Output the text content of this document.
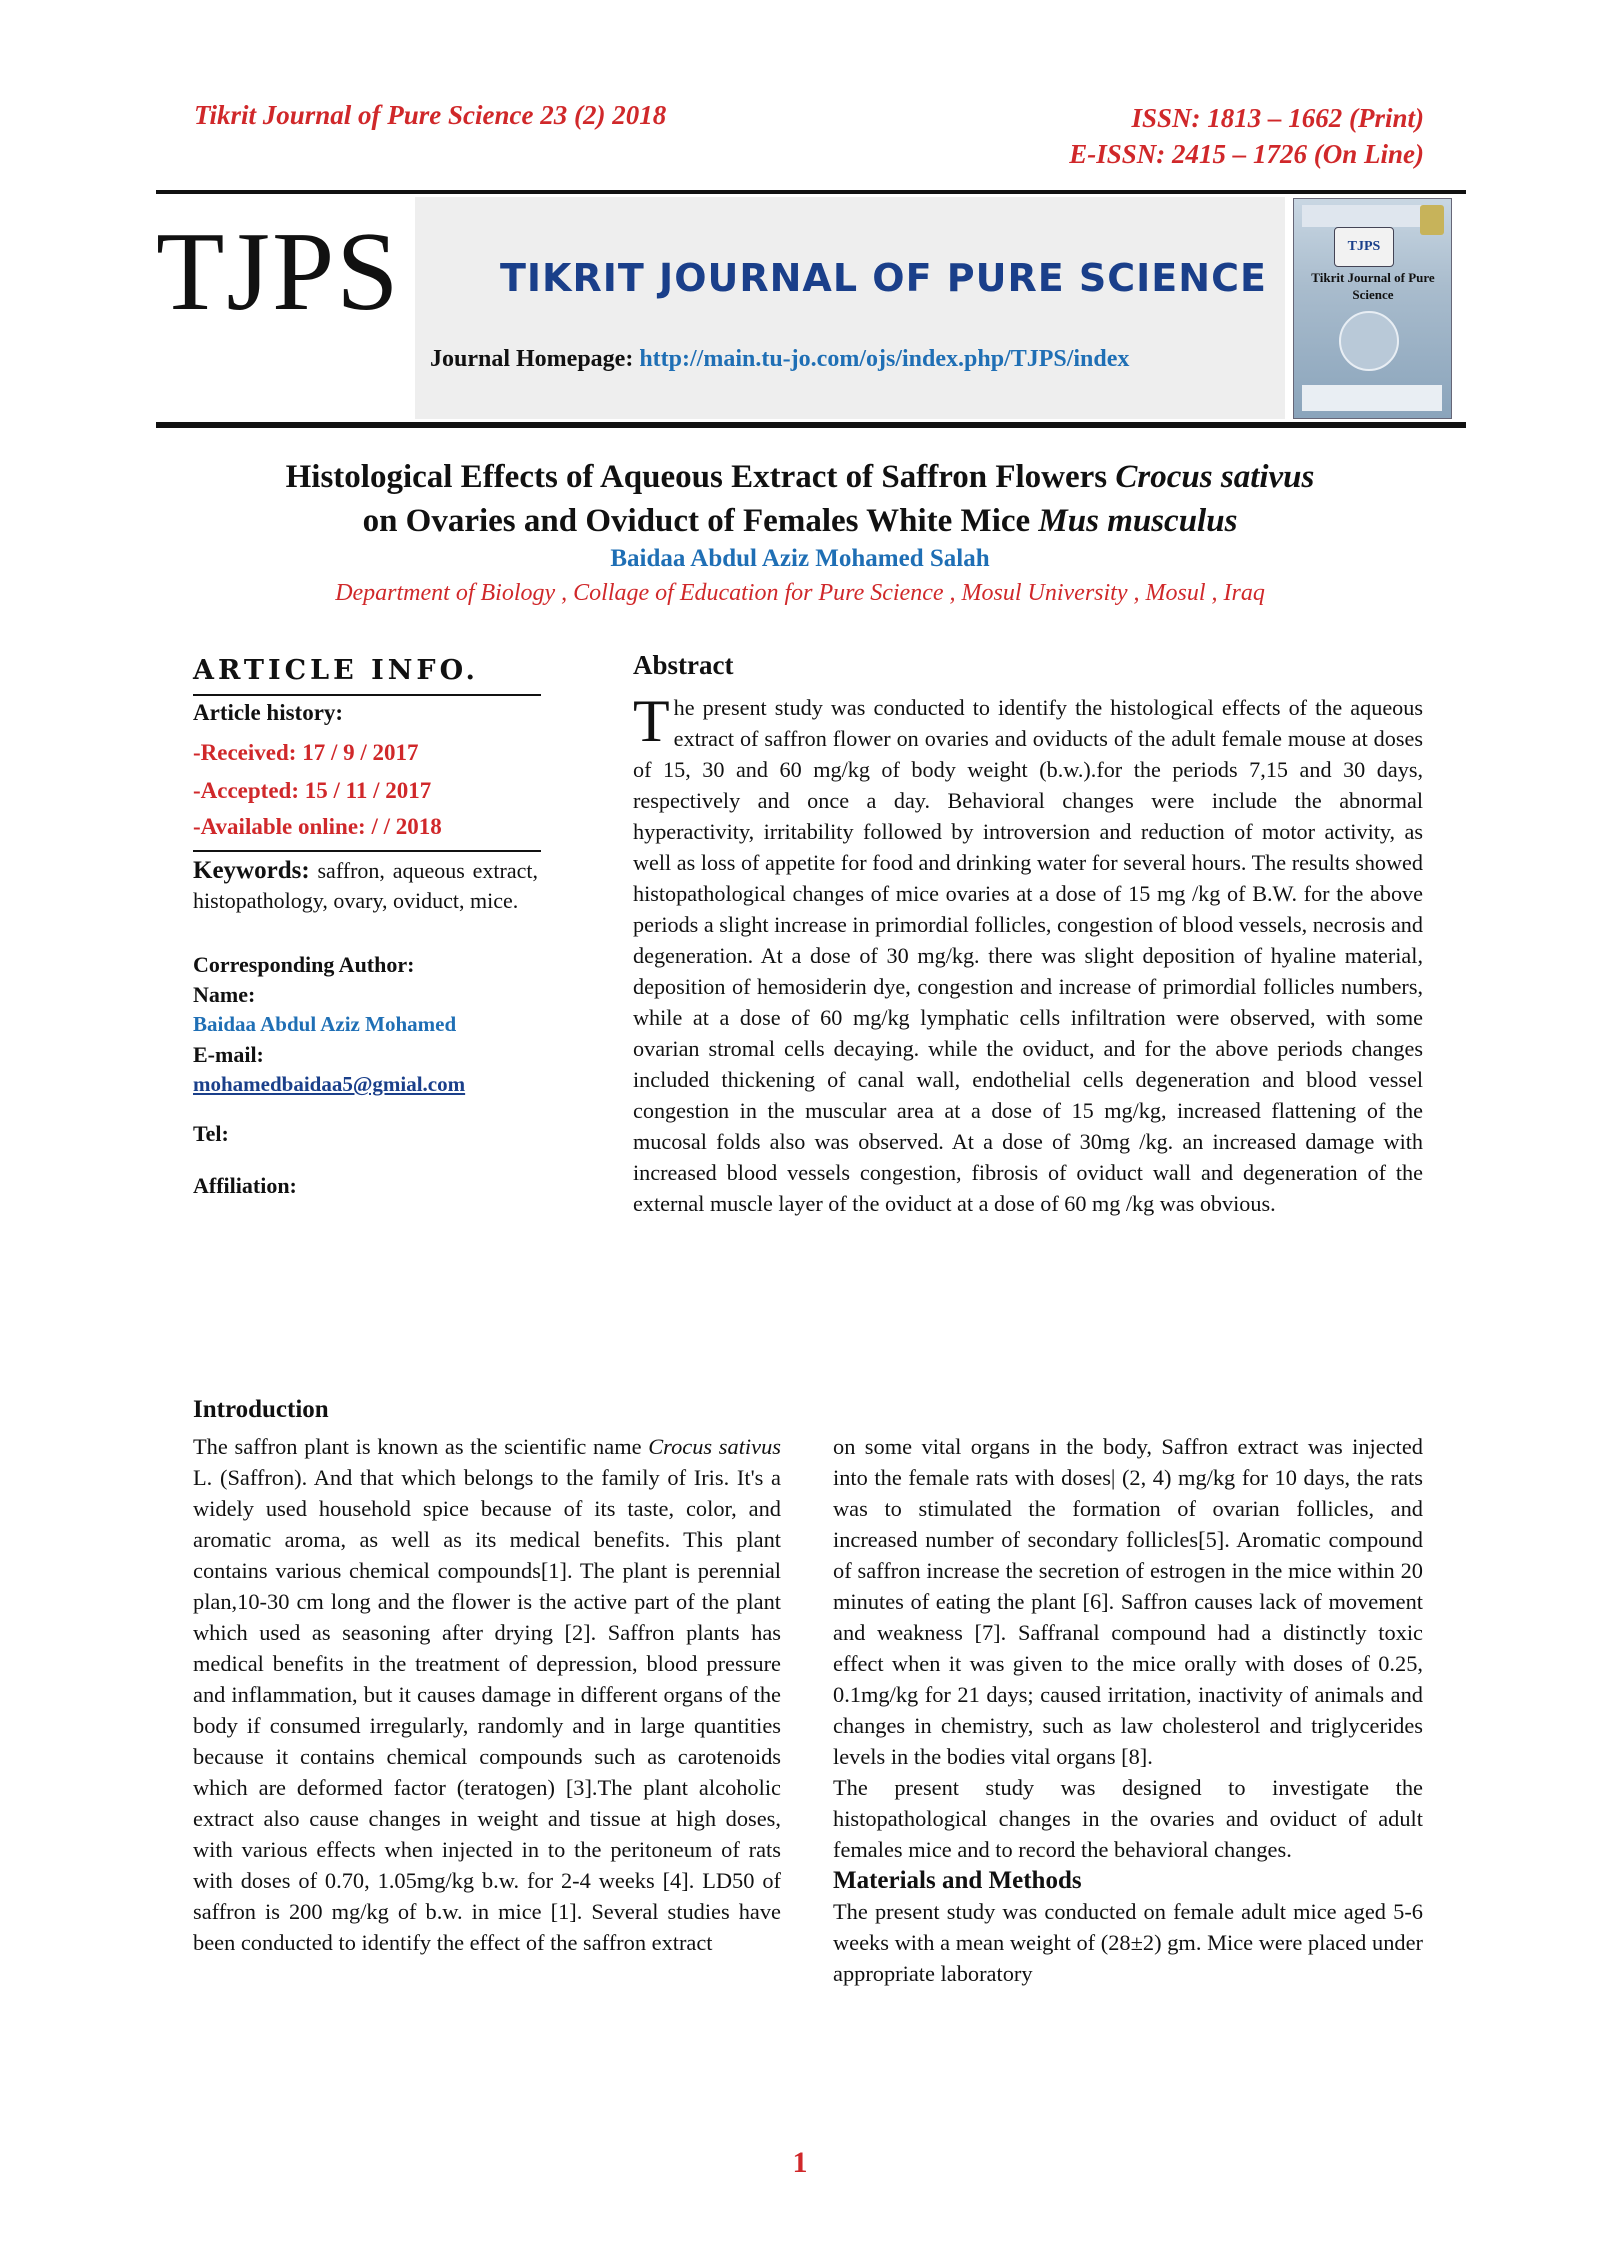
Tikrit Journal of Pure Science 23 (2) 2018	ISSN: 1813 – 1662 (Print)
E-ISSN: 2415 – 1726 (On Line)
TJPS	TIKRIT JOURNAL OF PURE SCIENCE
Journal Homepage: http://main.tu-jo.com/ojs/index.php/TJPS/index
TJPS
Tikrit Journal of Pure Science
Histological Effects of Aqueous Extract of Saffron Flowers Crocus sativus
on Ovaries and Oviduct of Females White Mice Mus musculus
Baidaa Abdul Aziz Mohamed Salah
Department of Biology , Collage of Education for Pure Science , Mosul University , Mosul , Iraq
ARTICLE INFO.
Article history:
-Received: 17 / 9 / 2017
-Accepted: 15 / 11 / 2017
-Available online: / / 2018
Keywords: saffron, aqueous extract, histopathology, ovary, oviduct, mice.
Corresponding Author:
Name:
Baidaa Abdul Aziz Mohamed
E-mail:
mohamedbaidaa5@gmial.com
Tel:
Affiliation:
Abstract
The present study was conducted to identify the histological effects of the aqueous extract of saffron flower on ovaries and oviducts of the adult female mouse at doses of 15, 30 and 60 mg/kg of body weight (b.w.).for the periods 7,15 and 30 days, respectively and once a day. Behavioral changes were include the abnormal hyperactivity, irritability followed by introversion and reduction of motor activity, as well as loss of appetite for food and drinking water for several hours. The results showed histopathological changes of mice ovaries at a dose of 15 mg /kg of B.W. for the above periods a slight increase in primordial follicles, congestion of blood vessels, necrosis and degeneration. At a dose of 30 mg/kg. there was slight deposition of hyaline material, deposition of hemosiderin dye, congestion and increase of primordial follicles numbers, while at a dose of 60 mg/kg lymphatic cells infiltration were observed, with some ovarian stromal cells decaying. while the oviduct, and for the above periods changes included thickening of canal wall, endothelial cells degeneration and blood vessel congestion in the muscular area at a dose of 15 mg/kg, increased flattening of the mucosal folds also was observed. At a dose of 30mg /kg. an increased damage with increased blood vessels congestion, fibrosis of oviduct wall and degeneration of the external muscle layer of the oviduct at a dose of 60 mg /kg was obvious.
Introduction

The saffron plant is known as the scientific name Crocus sativus L. (Saffron). And that which belongs to the family of Iris. It's a widely used household spice because of its taste, color, and aromatic aroma, as well as its medical benefits. This plant contains various chemical compounds[1]. The plant is perennial plan,10-30 cm long and the flower is the active part of the plant which used as seasoning after drying [2]. Saffron plants has medical benefits in the treatment of depression, blood pressure and inflammation, but it causes damage in different organs of the body if consumed irregularly, randomly and in large quantities because it contains chemical compounds such as carotenoids which are deformed factor (teratogen) [3].The plant alcoholic extract also cause changes in weight and tissue at high doses, with various effects when injected in to the peritoneum of rats with doses of 0.70, 1.05mg/kg b.w. for 2-4 weeks [4]. LD50 of saffron is 200 mg/kg of b.w. in mice [1]. Several studies have been conducted to identify the effect of the saffron extract

on some vital organs in the body, Saffron extract was injected into the female rats with doses| (2, 4) mg/kg for 10 days, the rats was to stimulated the formation of ovarian follicles, and increased number of secondary follicles[5]. Aromatic compound of saffron increase the secretion of estrogen in the mice within 20 minutes of eating the plant [6]. Saffron causes lack of movement and weakness [7]. Saffranal compound had a distinctly toxic effect when it was given to the mice orally with doses of 0.25, 0.1mg/kg for 21 days; caused irritation, inactivity of animals and changes in chemistry, such as law cholesterol and triglycerides levels in the bodies vital organs [8].

The present study was designed to investigate the histopathological changes in the ovaries and oviduct of adult females mice and to record the behavioral changes.

Materials and Methods

The present study was conducted on female adult mice aged 5-6 weeks with a mean weight of (28±2) gm. Mice were placed under appropriate laboratory

1
